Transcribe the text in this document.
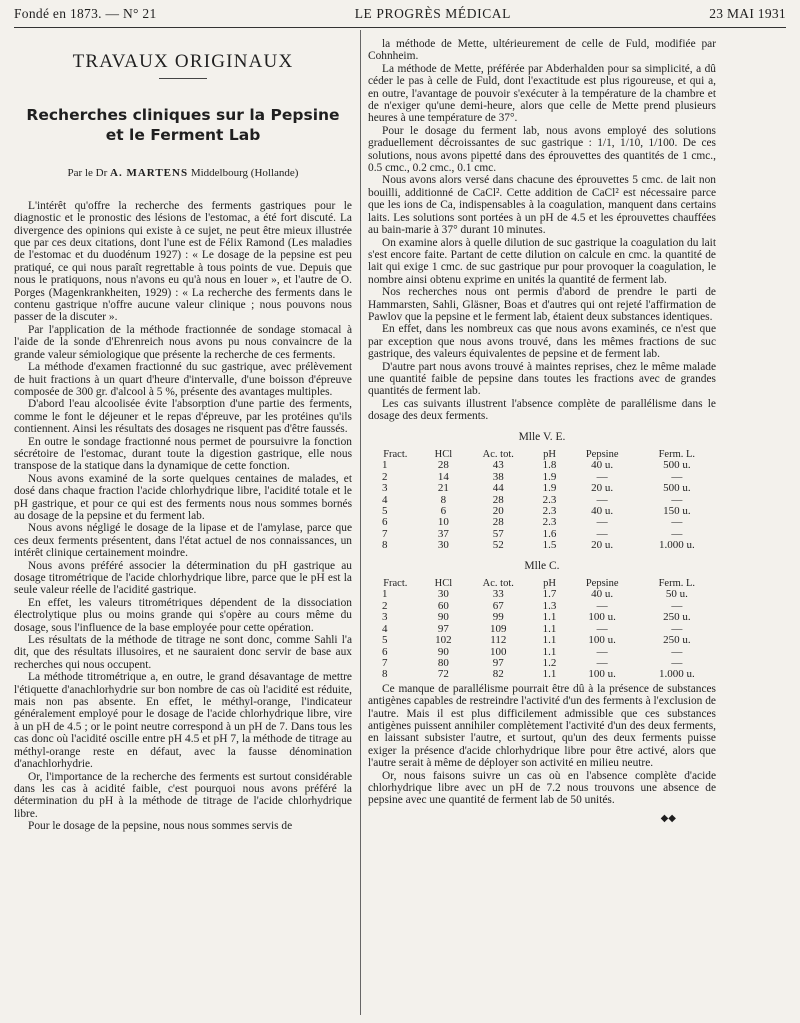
Fondé en 1873. — N° 21	LE PROGRÈS MÉDICAL	23 MAI 1931
TRAVAUX ORIGINAUX
Recherches cliniques sur la Pepsine
et le Ferment Lab
Par le Dr A. MARTENS Middelbourg (Hollande)

L'intérêt qu'offre la recherche des ferments gastriques pour le diagnostic et le pronostic des lésions de l'estomac, a été fort discuté. La divergence des opinions qui existe à ce sujet, ne peut être mieux illustrée que par ces deux citations, dont l'une est de Félix Ramond (Les maladies de l'estomac et du duodénum 1927) : « Le dosage de la pepsine est peu pratiqué, ce qui nous paraît regrettable à tous points de vue. Depuis que nous le pratiquons, nous n'avons eu qu'à nous en louer », et l'autre de O. Porges (Magenkrankheiten, 1929) : « La recherche des ferments dans le contenu gastrique n'offre aucune valeur clinique ; nous pouvons nous passer de la discuter ».

Par l'application de la méthode fractionnée de sondage stomacal à l'aide de la sonde d'Ehrenreich nous avons pu nous convaincre de la grande valeur sémiologique que présente la recherche de ces ferments.

La méthode d'examen fractionné du suc gastrique, avec prélèvement de huit fractions à un quart d'heure d'intervalle, d'une boisson d'épreuve composée de 300 gr. d'alcool à 5 %, présente des avantages multiples.

D'abord l'eau alcoolisée évite l'absorption d'une partie des ferments, comme le font le déjeuner et le repas d'épreuve, par les protéines qu'ils contiennent. Ainsi les résultats des dosages ne risquent pas d'être faussés.

En outre le sondage fractionné nous permet de poursuivre la fonction sécrétoire de l'estomac, durant toute la digestion gastrique, elle nous transpose de la statique dans la dynamique de cette fonction.

Nous avons examiné de la sorte quelques centaines de malades, et dosé dans chaque fraction l'acide chlorhydrique libre, l'acidité totale et le pH gastrique, et pour ce qui est des ferments nous nous sommes bornés au dosage de la pepsine et du ferment lab.

Nous avons négligé le dosage de la lipase et de l'amylase, parce que ces deux ferments présentent, dans l'état actuel de nos connaissances, un intérêt clinique certainement moindre.

Nous avons préféré associer la détermination du pH gastrique au dosage titrométrique de l'acide chlorhydrique libre, parce que le pH est la seule valeur réelle de l'acidité gastrique.

En effet, les valeurs titrométriques dépendent de la dissociation électrolytique plus ou moins grande qui s'opère au cours même du dosage, sous l'influence de la base employée pour cette opération.

Les résultats de la méthode de titrage ne sont donc, comme Sahli l'a dit, que des résultats illusoires, et ne sauraient donc servir de base aux recherches qui nous occupent.

La méthode titrométrique a, en outre, le grand désavantage de mettre l'étiquette d'anachlorhydrie sur bon nombre de cas où l'acidité est réduite, mais non pas absente. En effet, le méthyl-orange, l'indicateur généralement employé pour le dosage de l'acide chlorhydrique libre, vire à un pH de 4.5 ; or le point neutre correspond à un pH de 7. Dans tous les cas donc où l'acidité oscille entre pH 4.5 et pH 7, la méthode de titrage au méthyl-orange reste en défaut, avec la fausse dénomination d'anachlorhydrie.

Or, l'importance de la recherche des ferments est surtout considérable dans les cas à acidité faible, c'est pourquoi nous avons préféré la détermination du pH à la méthode de titrage de l'acide chlorhydrique libre.

Pour le dosage de la pepsine, nous nous sommes servis de

la méthode de Mette, ultérieurement de celle de Fuld, modifiée par Cohnheim.

La méthode de Mette, préférée par Abderhalden pour sa simplicité, a dû céder le pas à celle de Fuld, dont l'exactitude est plus rigoureuse, et qui a, en outre, l'avantage de pouvoir s'exécuter à la température de la chambre et de n'exiger qu'une demi-heure, alors que celle de Mette prend plusieurs heures à une température de 37°.

Pour le dosage du ferment lab, nous avons employé des solutions graduellement décroissantes de suc gastrique : 1/1, 1/10, 1/100. De ces solutions, nous avons pipetté dans des éprouvettes des quantités de 1 cmc., 0.5 cmc., 0.2 cmc., 0.1 cmc.

Nous avons alors versé dans chacune des éprouvettes 5 cmc. de lait non bouilli, additionné de CaCl². Cette addition de CaCl² est nécessaire parce que les ions de Ca, indispensables à la coagulation, manquent dans certains laits. Les solutions sont portées à un pH de 4.5 et les éprouvettes chauffées au bain-marie à 37° durant 10 minutes.

On examine alors à quelle dilution de suc gastrique la coagulation du lait s'est encore faite. Partant de cette dilution on calcule en cmc. la quantité de lait qui exige 1 cmc. de suc gastrique pur pour provoquer la coagulation, le nombre ainsi obtenu exprime en unités la quantité de ferment lab.

Nos recherches nous ont permis d'abord de prendre le parti de Hammarsten, Sahli, Gläsner, Boas et d'autres qui ont rejeté l'affirmation de Pawlov que la pepsine et le ferment lab, étaient deux substances identiques.

En effet, dans les nombreux cas que nous avons examinés, ce n'est que par exception que nous avons trouvé, dans les mêmes fractions de suc gastrique, des valeurs équivalentes de pepsine et de ferment lab.

D'autre part nous avons trouvé à maintes reprises, chez le même malade une quantité faible de pepsine dans toutes les fractions avec de grandes quantités de ferment lab.

Les cas suivants illustrent l'absence complète de parallélisme dans le dosage des deux ferments.

Mlle V. E.
Fract.	HCl	Ac. tot.	pH	Pepsine	Ferm. L.
1	28	43	1.8	40 u.	500 u.
2	14	38	1.9	—	—
3	21	44	1.9	20 u.	500 u.
4	8	28	2.3	—	—
5	6	20	2.3	40 u.	150 u.
6	10	28	2.3	—	—
7	37	57	1.6	—	—
8	30	52	1.5	20 u.	1.000 u.
Mlle C.
Fract.	HCl	Ac. tot.	pH	Pepsine	Ferm. L.
1	30	33	1.7	40 u.	50 u.
2	60	67	1.3	—	—
3	90	99	1.1	100 u.	250 u.
4	97	109	1.1	—	—
5	102	112	1.1	100 u.	250 u.
6	90	100	1.1	—	—
7	80	97	1.2	—	—
8	72	82	1.1	100 u.	1.000 u.

Ce manque de parallélisme pourrait être dû à la présence de substances antigènes capables de restreindre l'activité d'un des ferments à l'exclusion de l'autre. Mais il est plus difficilement admissible que ces substances antigènes puissent annihiler complètement l'activité d'un des deux ferments, en laissant subsister l'autre, et surtout, qu'un des deux ferments puisse exiger la présence d'acide chlorhydrique libre pour être activé, alors que l'autre serait à même de déployer son activité en milieu neutre.

Or, nous faisons suivre un cas où en l'absence complète d'acide chlorhydrique libre avec un pH de 7.2 nous trouvons une absence de pepsine avec une quantité de ferment lab de 50 unités.

◆◆
